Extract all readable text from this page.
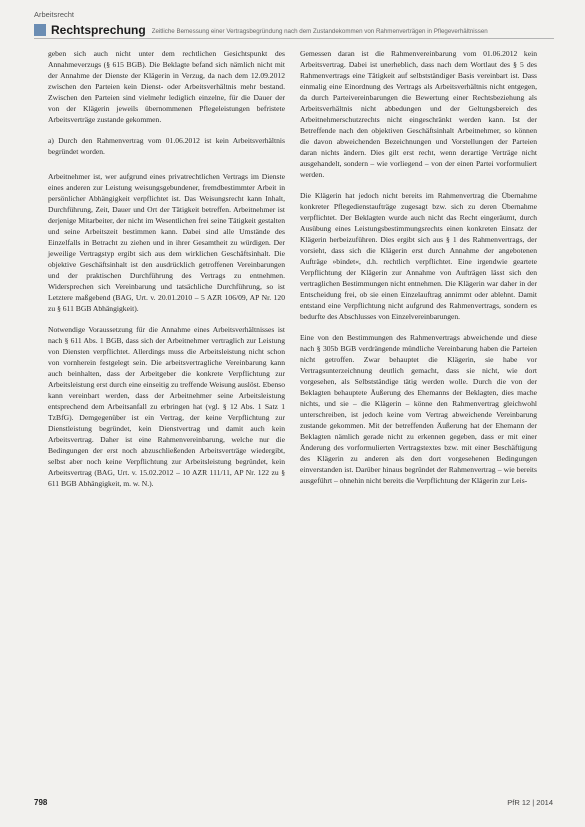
Arbeitsrecht
Rechtsprechung Zeitliche Bemessung einer Vertragsbegründung nach dem Zustandekommen von Rahmenverträgen in Pflegeverhältnissen

geben sich auch nicht unter dem rechtlichen Gesichtspunkt des Annahmeverzugs (§ 615 BGB). Die Beklagte befand sich nämlich nicht mit der Annahme der Dienste der Klägerin in Verzug, da nach dem 12.09.2012 zwischen den Parteien kein Dienst- oder Arbeitsverhältnis mehr bestand. Zwischen den Parteien sind vielmehr lediglich einzelne, für die Dauer der von der Klägerin jeweils übernommenen Pflegeleistungen befristete Arbeitsverträge zustande gekommen.

a) Durch den Rahmenvertrag vom 01.06.2012 ist kein Arbeitsverhältnis begründet worden.

Arbeitnehmer ist, wer aufgrund eines privatrechtlichen Vertrags im Dienste eines anderen zur Leistung weisungsgebundener, fremdbestimmter Arbeit in persönlicher Abhängigkeit verpflichtet ist. Das Weisungsrecht kann Inhalt, Durchführung, Zeit, Dauer und Ort der Tätigkeit betreffen. Arbeitnehmer ist derjenige Mitarbeiter, der nicht im Wesentlichen frei seine Tätigkeit gestalten und seine Arbeitszeit bestimmen kann. Dabei sind alle Umstände des Einzelfalls in Betracht zu ziehen und in ihrer Gesamtheit zu würdigen. Der jeweilige Vertragstyp ergibt sich aus dem wirklichen Geschäftsinhalt. Die objektive Geschäftsinhalt ist den ausdrücklich getroffenen Vereinbarungen und der praktischen Durchführung des Vertrags zu entnehmen. Widersprechen sich Vereinbarung und tatsächliche Durchführung, so ist Letztere maßgebend (BAG, Urt. v. 20.01.2010 – 5 AZR 106/09, AP Nr. 120 zu § 611 BGB Abhängigkeit).

Notwendige Voraussetzung für die Annahme eines Arbeitsverhältnisses ist nach § 611 Abs. 1 BGB, dass sich der Arbeitnehmer vertraglich zur Leistung von Diensten verpflichtet. Allerdings muss die Arbeitsleistung nicht schon von vornherein festgelegt sein. Die arbeitsvertragliche Vereinbarung kann auch beinhalten, dass der Arbeitgeber die konkrete Verpflichtung zur Arbeitsleistung erst durch eine einseitig zu treffende Weisung auslöst. Ebenso kann vereinbart werden, dass der Arbeitnehmer seine Arbeitsleistung entsprechend dem Arbeitsanfall zu erbringen hat (vgl. § 12 Abs. 1 Satz 1 TzBfG). Demgegenüber ist ein Vertrag, der keine Verpflichtung zur Dienstleistung begründet, kein Dienstvertrag und damit auch kein Arbeitsvertrag. Daher ist eine Rahmenvereinbarung, welche nur die Bedingungen der erst noch abzuschließenden Arbeitsverträge wiedergibt, selbst aber noch keine Verpflichtung zur Arbeitsleistung begründet, kein Arbeitsvertrag (BAG, Urt. v. 15.02.2012 – 10 AZR 111/11, AP Nr. 122 zu § 611 BGB Abhängigkeit, m. w. N.).

Gemessen daran ist die Rahmenvereinbarung vom 01.06.2012 kein Arbeitsvertrag. Dabei ist unerheblich, dass nach dem Wortlaut des § 5 des Rahmenvertrags eine Tätigkeit auf selbstständiger Basis vereinbart ist. Dass einmalig eine Einordnung des Vertrags als Arbeitsverhältnis nicht entgegen, da durch Parteivereinbarungen die Bewertung einer Rechtsbeziehung als Arbeitsverhältnis nicht abbedungen und der Geltungsbereich des Arbeitnehmerschutzrechts nicht eingeschränkt werden kann. Ist der Betreffende nach den objektiven Geschäftsinhalt Arbeitnehmer, so können die davon abweichenden Bezeichnungen und Vorstellungen der Parteien daran nichts ändern. Dies gilt erst recht, wenn derartige Verträge nicht ausgehandelt, sondern – wie vorliegend – von der einen Partei vorformuliert werden.

Die Klägerin hat jedoch nicht bereits im Rahmenvertrag die Übernahme konkreter Pflegedienstaufträge zugesagt bzw. sich zu deren Übernahme verpflichtet. Der Beklagten wurde auch nicht das Recht eingeräumt, durch Ausübung eines Leistungsbestimmungsrechts einen konkreten Einsatz der Klägerin herbeizuführen. Dies ergibt sich aus § 1 des Rahmenvertrags, der vorsieht, dass sich die Klägerin erst durch Annahme der angebotenen Aufträge »bindet«, d.h. rechtlich verpflichtet. Eine irgendwie geartete Verpflichtung der Klägerin zur Annahme von Aufträgen lässt sich den vertraglichen Bestimmungen nicht entnehmen. Die Klägerin war daher in der Entscheidung frei, ob sie einen Einzelauftrag annimmt oder ablehnt. Damit entstand eine Verpflichtung nicht aufgrund des Rahmenvertrags, sondern es bedurfte des Abschlusses von Einzelvereinbarungen.

Eine von den Bestimmungen des Rahmenvertrags abweichende und diese nach § 305b BGB verdrängende mündliche Vereinbarung haben die Parteien nicht getroffen. Zwar behauptet die Klägerin, sie habe vor Vertragsunterzeichnung deutlich gemacht, dass sie nicht, wie dort vorgesehen, als Selbstständige tätig werden wolle. Durch die von der Beklagten behauptete Äußerung des Ehemanns der Beklagten, dies mache nichts, und sie – die Klägerin – könne den Rahmenvertrag gleichwohl unterschreiben, ist jedoch keine vom Vertrag abweichende Vereinbarung zustande gekommen. Mit der betreffenden Äußerung hat der Ehemann der Beklagten nämlich gerade nicht zu erkennen gegeben, dass er mit einer Änderung des vorformulierten Vertragstextes bzw. mit einer Beschäftigung des Klägerin zu anderen als den dort vorgesehenen Bedingungen einverstanden ist. Darüber hinaus begründet der Rahmenvertrag – wie bereits ausgeführt – ohnehin nicht bereits die Verpflichtung der Klägerin zur Leis-

798	PfR 12 | 2014
